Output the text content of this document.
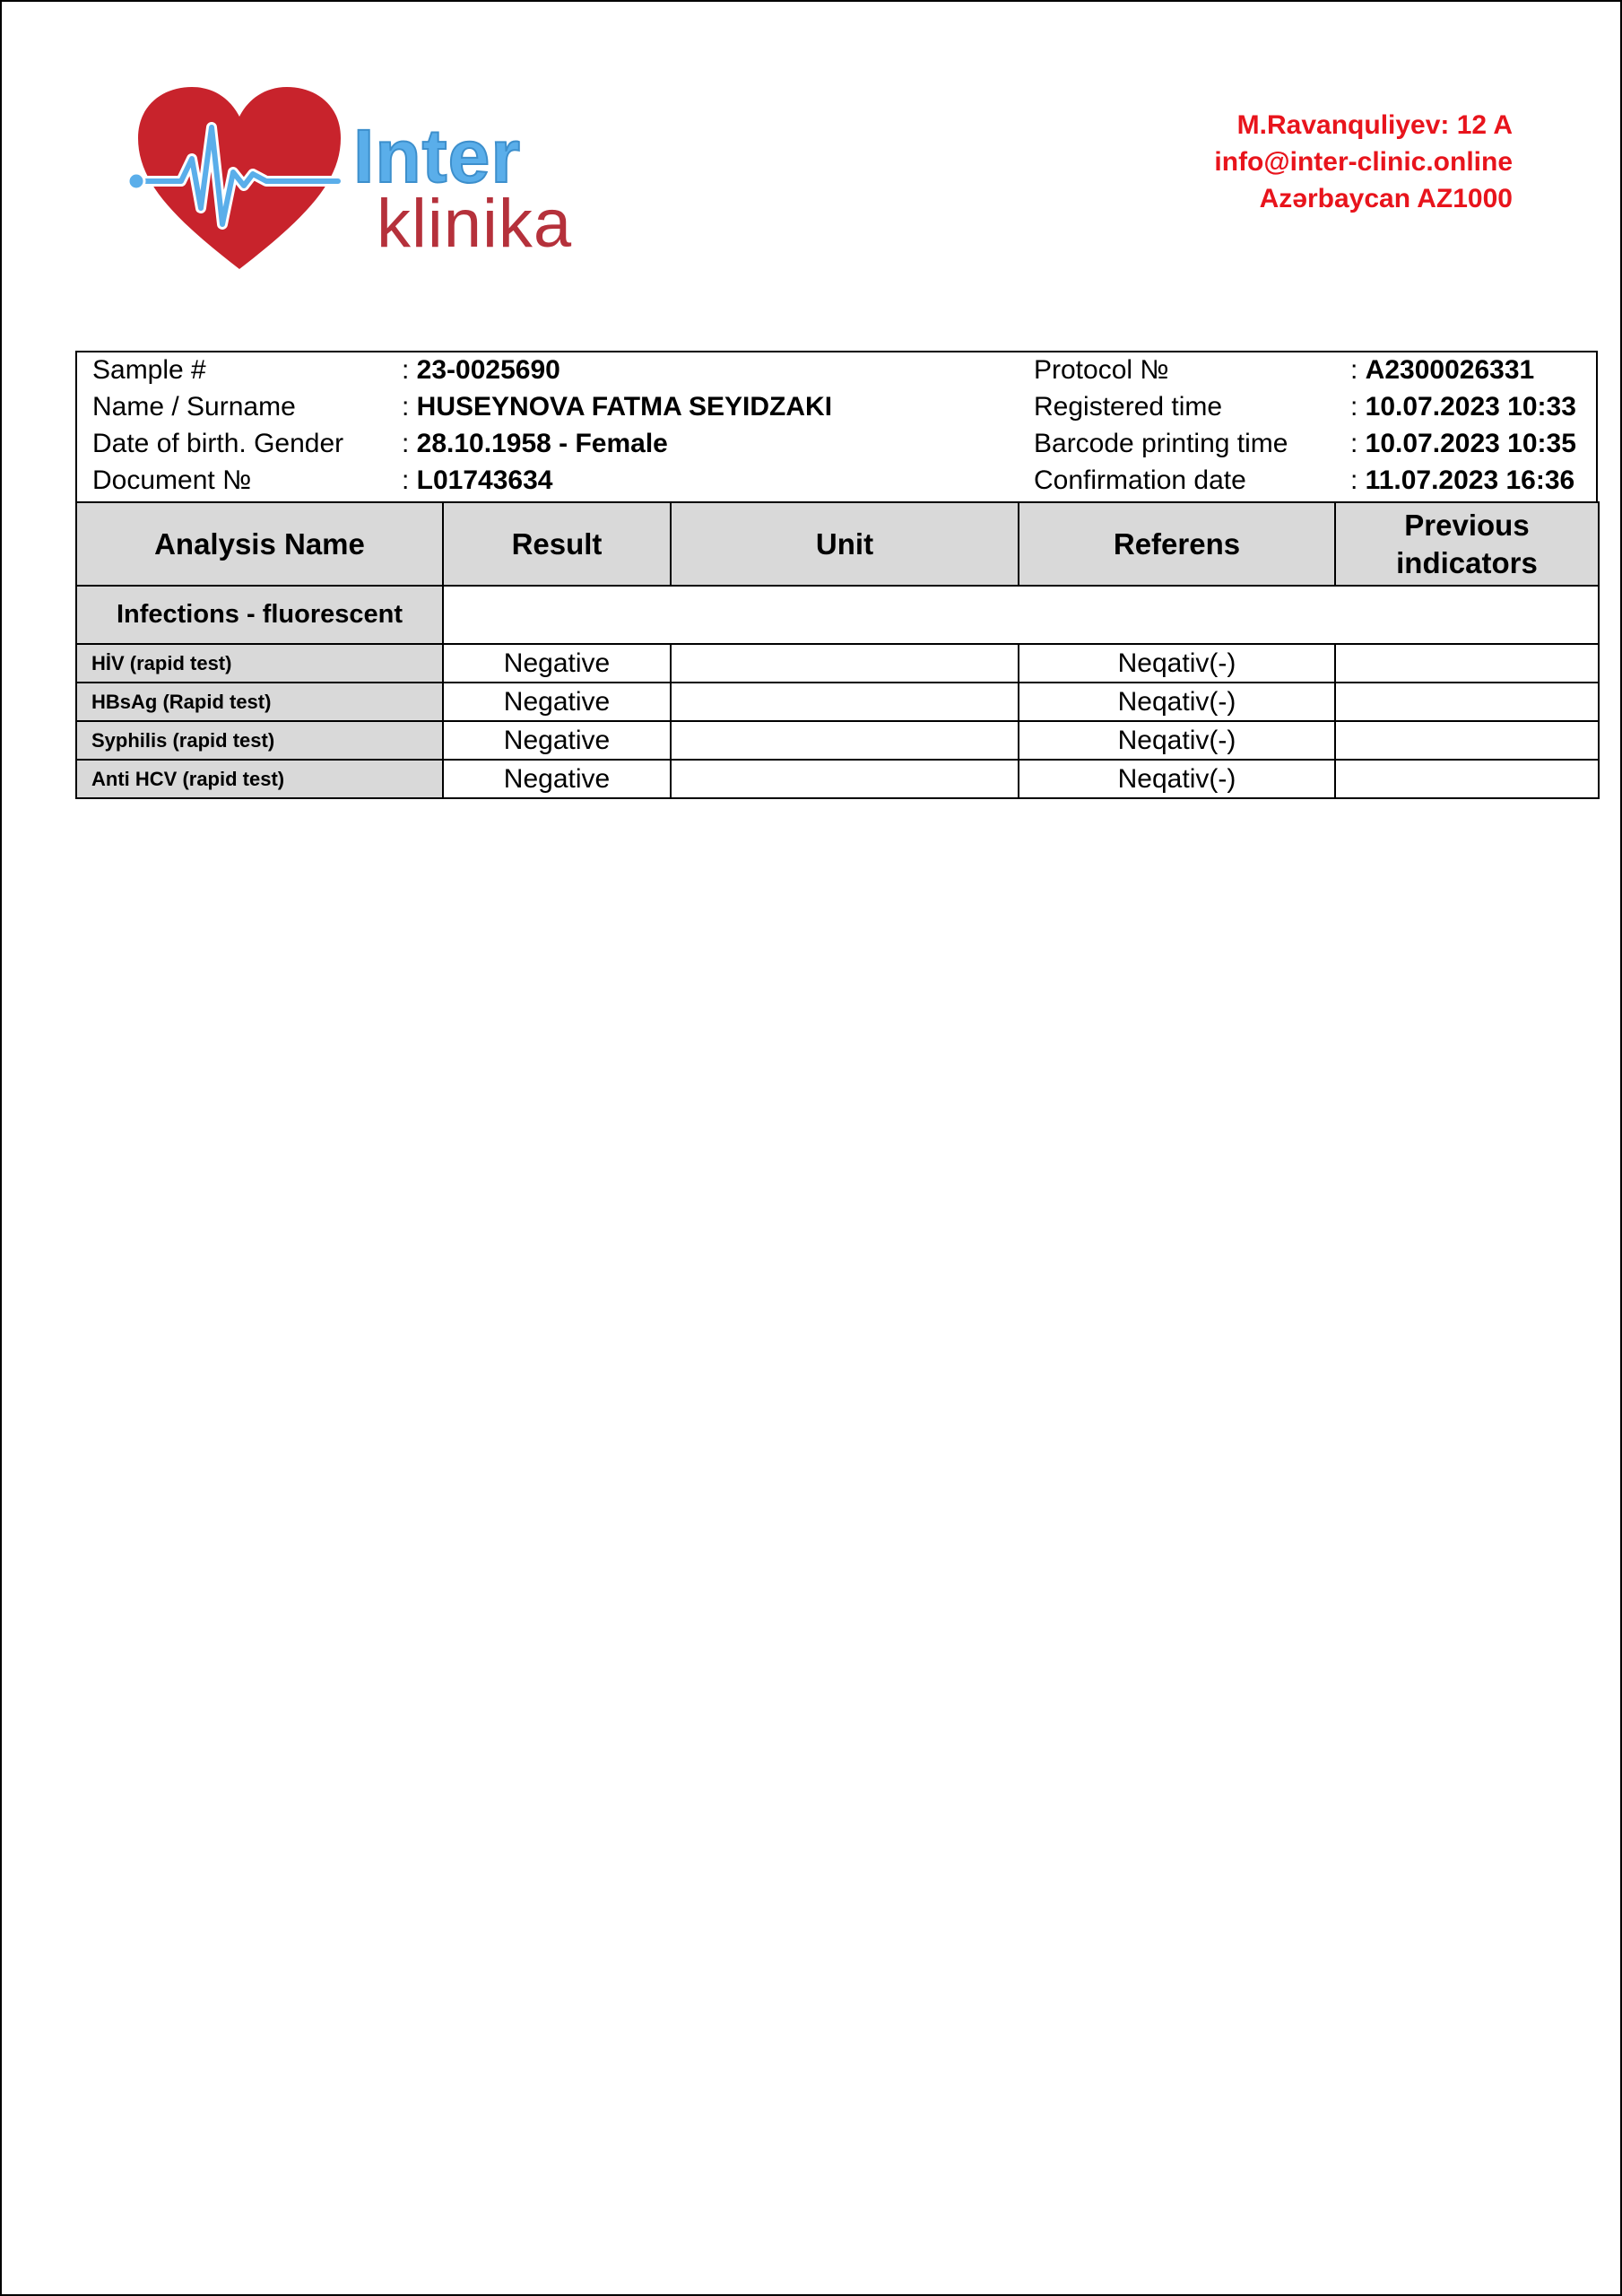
Inter
klinika
M.Ravanquliyev: 12 A
info@inter-clinic.online
Azərbaycan AZ1000
Sample #	: 23-0025690	Protocol №	: A2300026331
Name / Surname	: HUSEYNOVA FATMA SEYIDZAKI	Registered time	: 10.07.2023 10:33
Date of birth. Gender : 28.10.1958 - Female	Barcode printing time : 10.07.2023 10:35
Document №	: L01743634	Confirmation date	: 11.07.2023 16:36
Analysis Name	Result	Unit	Referens	Previous
indicators
Infections - fluorescent				
HİV (rapid test)	Negative		Neqativ(-)	
HBsAg (Rapid test)	Negative		Neqativ(-)	
Syphilis (rapid test)	Negative		Neqativ(-)	
Anti HCV (rapid test)	Negative		Neqativ(-)	
